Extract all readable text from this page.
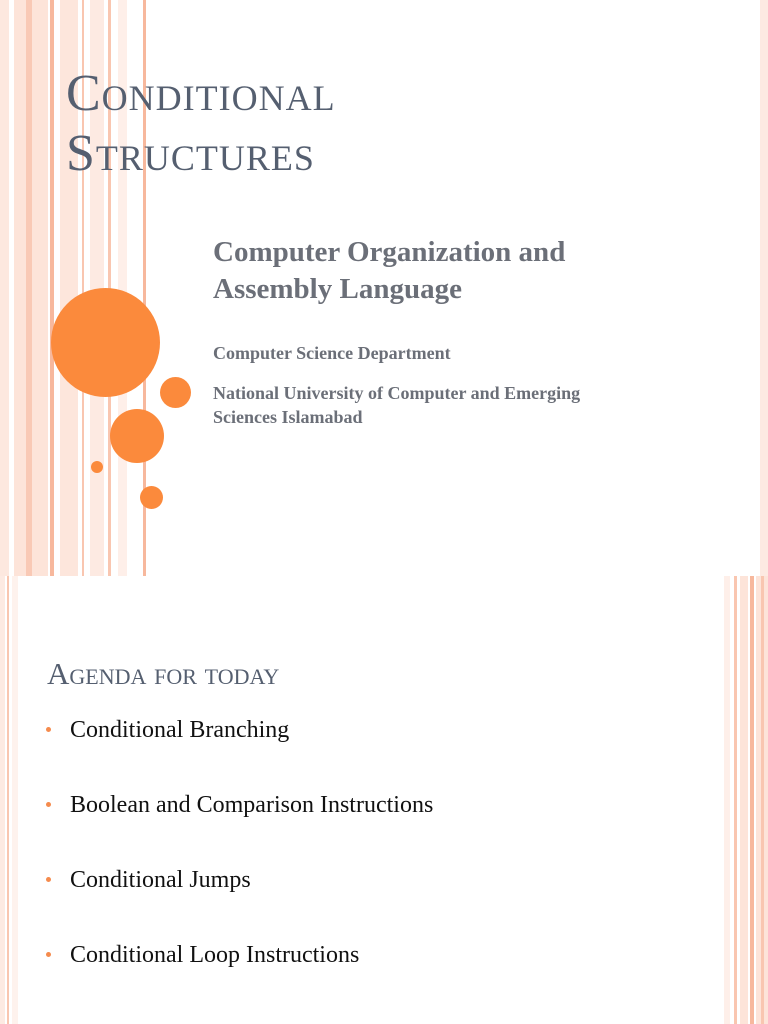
Conditional
Structures
Computer Organization and
Assembly Language

Computer Science Department

National University of Computer and Emerging
Sciences Islamabad

Agenda for today
Conditional Branching
Boolean and Comparison Instructions
Conditional Jumps
Conditional Loop Instructions
